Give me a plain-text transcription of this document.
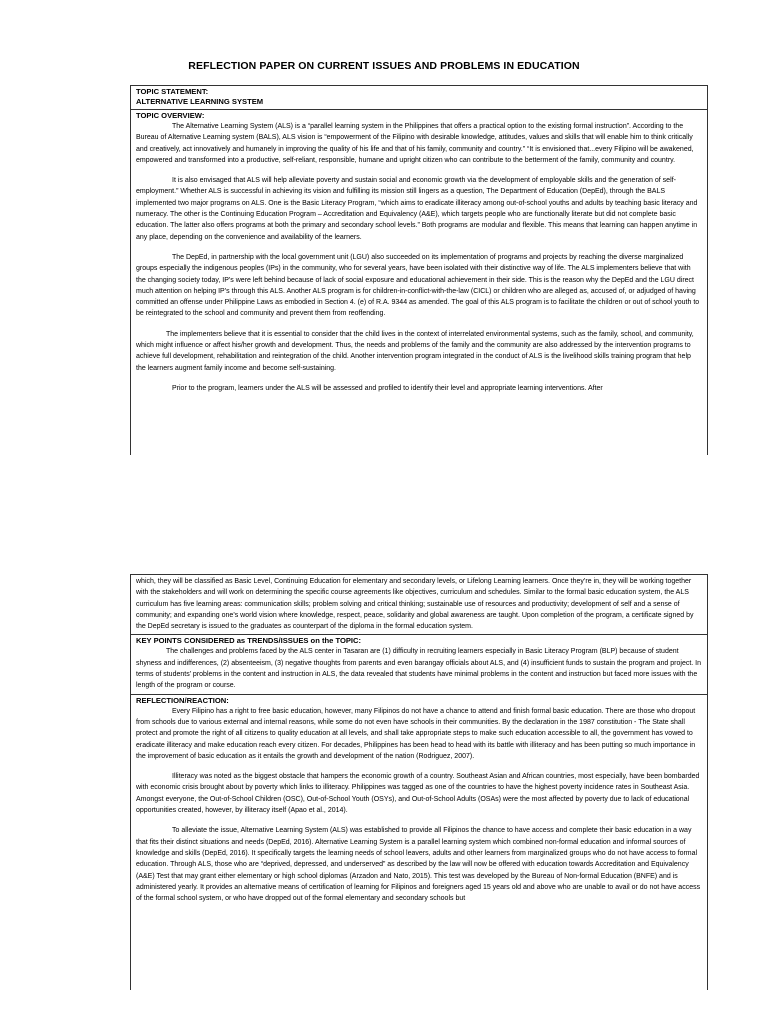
REFLECTION PAPER ON CURRENT ISSUES AND PROBLEMS IN EDUCATION
TOPIC STATEMENT:
ALTERNATIVE LEARNING SYSTEM
TOPIC OVERVIEW:

The Alternative Learning System (ALS) is a “parallel learning system in the Philippines that offers a practical option to the existing formal instruction”. According to the Bureau of Alternative Learning system (BALS), ALS vision is “empowerment of the Filipino with desirable knowledge, attitudes, values and skills that will enable him to think critically and creatively, act innovatively and humanely in improving the quality of his life and that of his family, community and country.” “It is envisioned that...every Filipino will be awakened, empowered and transformed into a productive, self-reliant, responsible, humane and upright citizen who can contribute to the betterment of the family, community and country.

It is also envisaged that ALS will help alleviate poverty and sustain social and economic growth via the development of employable skills and the generation of self-employment.” Whether ALS is successful in achieving its vision and fulfilling its mission still lingers as a question, The Department of Education (DepEd), through the BALS implemented two major programs on ALS. One is the Basic Literacy Program, “which aims to eradicate illiteracy among out-of-school youths and adults by teaching basic literacy and numeracy. The other is the Continuing Education Program – Accreditation and Equivalency (A&E), which targets people who are functionally literate but did not complete basic education. The latter also offers programs at both the primary and secondary school levels.” Both programs are modular and flexible. This means that learning can happen anytime in any place, depending on the convenience and availability of the learners.

The DepEd, in partnership with the local government unit (LGU) also succeeded on its implementation of programs and projects by reaching the diverse marginalized groups especially the indigenous peoples (IPs) in the community, who for several years, have been isolated with their distinctive way of life. The ALS implementers believe that with the changing society today, IP’s were left behind because of lack of social exposure and educational achievement in their side. This is the reason why the DepEd and the LGU direct much attention on helping IP’s through this ALS. Another ALS program is for children-in-conflict-with-the-law (CICL) or children who are alleged as, accused of, or adjudged of having committed an offense under Philippine Laws as embodied in Section 4. (e) of R.A. 9344 as amended. The goal of this ALS program is to facilitate the children or out of school youth to be reintegrated to the school and community and prevent them from reoffending.

The implementers believe that it is essential to consider that the child lives in the context of interrelated environmental systems, such as the family, school, and community, which might influence or affect his/her growth and development. Thus, the needs and problems of the family and the community are also addressed by the intervention programs to achieve full development, rehabilitation and reintegration of the child. Another intervention program integrated in the conduct of ALS is the livelihood skills training program that help the learners augment family income and become self-sustaining.

Prior to the program, learners under the ALS will be assessed and profiled to identify their level and appropriate learning interventions. After

which, they will be classified as Basic Level, Continuing Education for elementary and secondary levels, or Lifelong Learning learners. Once they’re in, they will be working together with the stakeholders and will work on determining the specific course agreements like objectives, curriculum and schedules. Similar to the formal basic education system, the ALS curriculum has five learning areas: communication skills; problem solving and critical thinking; sustainable use of resources and productivity; development of self and a sense of community; and expanding one’s world vision where knowledge, respect, peace, solidarity and global awareness are taught. Upon completion of the program, a certificate signed by the DepEd secretary is issued to the graduates as counterpart of the diploma in the formal education system.

KEY POINTS CONSIDERED as TRENDS/ISSUES on the TOPIC:

The challenges and problems faced by the ALS center in Tasaran are (1) difficulty in recruiting learners especially in Basic Literacy Program (BLP) because of student shyness and indifferences, (2) absenteeism, (3) negative thoughts from parents and even barangay officials about ALS, and (4) insufficient funds to sustain the program and project. In terms of students’ problems in the content and instruction in ALS, the data revealed that students have minimal problems in the content and instruction but faced more issues with the length of the program or course.

REFLECTION/REACTION:

Every Filipino has a right to free basic education, however, many Filipinos do not have a chance to attend and finish formal basic education. There are those who dropout from schools due to various external and internal reasons, while some do not even have schools in their communities. By the declaration in the 1987 constitution - The State shall protect and promote the right of all citizens to quality education at all levels, and shall take appropriate steps to make such education accessible to all, the government has vowed to eradicate illiteracy and make education reach every citizen. For decades, Philippines has been head to head with its battle with illiteracy and has been putting so much importance in the improvement of basic education as it entails the growth and development of the nation (Rodriguez, 2007).

Illiteracy was noted as the biggest obstacle that hampers the economic growth of a country. Southeast Asian and African countries, most especially, have been bombarded with economic crisis brought about by poverty which links to illiteracy. Philippines was tagged as one of the countries to have the highest poverty incidence rates in Southeast Asia. Amongst everyone, the Out-of-School Children (OSC), Out-of-School Youth (OSYs), and Out-of-School Adults (OSAs) were the most affected by poverty due to lack of educational opportunities created, however, by illiteracy itself (Apao et al., 2014).

To alleviate the issue, Alternative Learning System (ALS) was established to provide all Filipinos the chance to have access and complete their basic education in a way that fits their distinct situations and needs (DepEd, 2016). Alternative Learning System is a parallel learning system which combined non-formal education and informal sources of knowledge and skills (DepEd, 2016). It specifically targets the learning needs of school leavers, adults and other learners from marginalized groups who do not have access to formal education. Through ALS, those who are “deprived, depressed, and underserved” as described by the law will now be offered with education towards Accreditation and Equivalency (A&E) Test that may grant either elementary or high school diplomas (Arzadon and Nato, 2015). This test was developed by the Bureau of Non-formal Education (BNFE) and is administered yearly. It provides an alternative means of certification of learning for Filipinos and foreigners aged 15 years old and above who are unable to avail or do not have access of the formal school system, or who have dropped out of the formal elementary and secondary schools but
